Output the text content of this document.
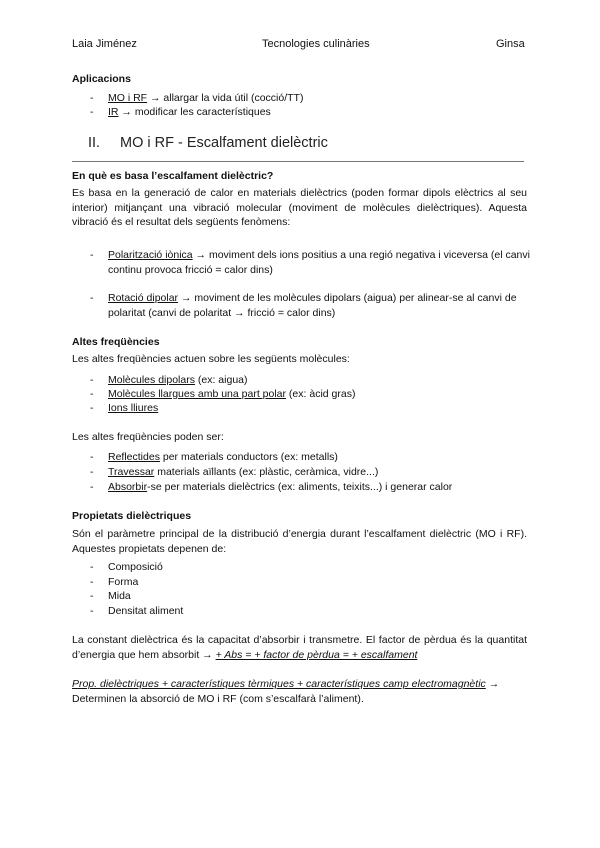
Laia Jiménez	Tecnologies culinàries	Ginsa
Aplicacions
- MO i RF → allargar la vida útil (cocció/TT)
- IR → modificar les característiques
II. MO i RF - Escalfament dielèctric
En què es basa l’escalfament dielèctric?
Es basa en la generació de calor en materials dielèctrics (poden formar dipols elèctrics al seu interior) mitjançant una vibració molecular (moviment de molècules dielèctriques). Aquesta vibració és el resultat dels següents fenòmens:
- Polarització iònica → moviment dels ions positius a una regió negativa i viceversa (el canvi continu provoca fricció = calor dins)
- Rotació dipolar → moviment de les molècules dipolars (aigua) per alinear-se al canvi de polaritat (canvi de polaritat → fricció = calor dins)
Altes freqüències
Les altes freqüències actuen sobre les següents molècules:
- Molècules dipolars (ex: aigua)
- Molècules llargues amb una part polar (ex: àcid gras)
- Ions lliures
Les altes freqüències poden ser:
- Reflectides per materials conductors (ex: metalls)
- Travessar materials aïllants (ex: plàstic, ceràmica, vidre...)
- Absorbir-se per materials dielèctrics (ex: aliments, teixits...) i generar calor
Propietats dielèctriques
Són el paràmetre principal de la distribució d’energia durant l’escalfament dielèctric (MO i RF). Aquestes propietats depenen de:
- Composició
- Forma
- Mida
- Densitat aliment
La constant dielèctrica és la capacitat d’absorbir i transmetre. El factor de pèrdua és la quantitat d’energia que hem absorbit → + Abs = + factor de pèrdua = + escalfament
Prop. dielèctriques + característiques tèrmiques + característiques camp electromagnètic →
Determinen la absorció de MO i RF (com s’escalfarà l’aliment).
